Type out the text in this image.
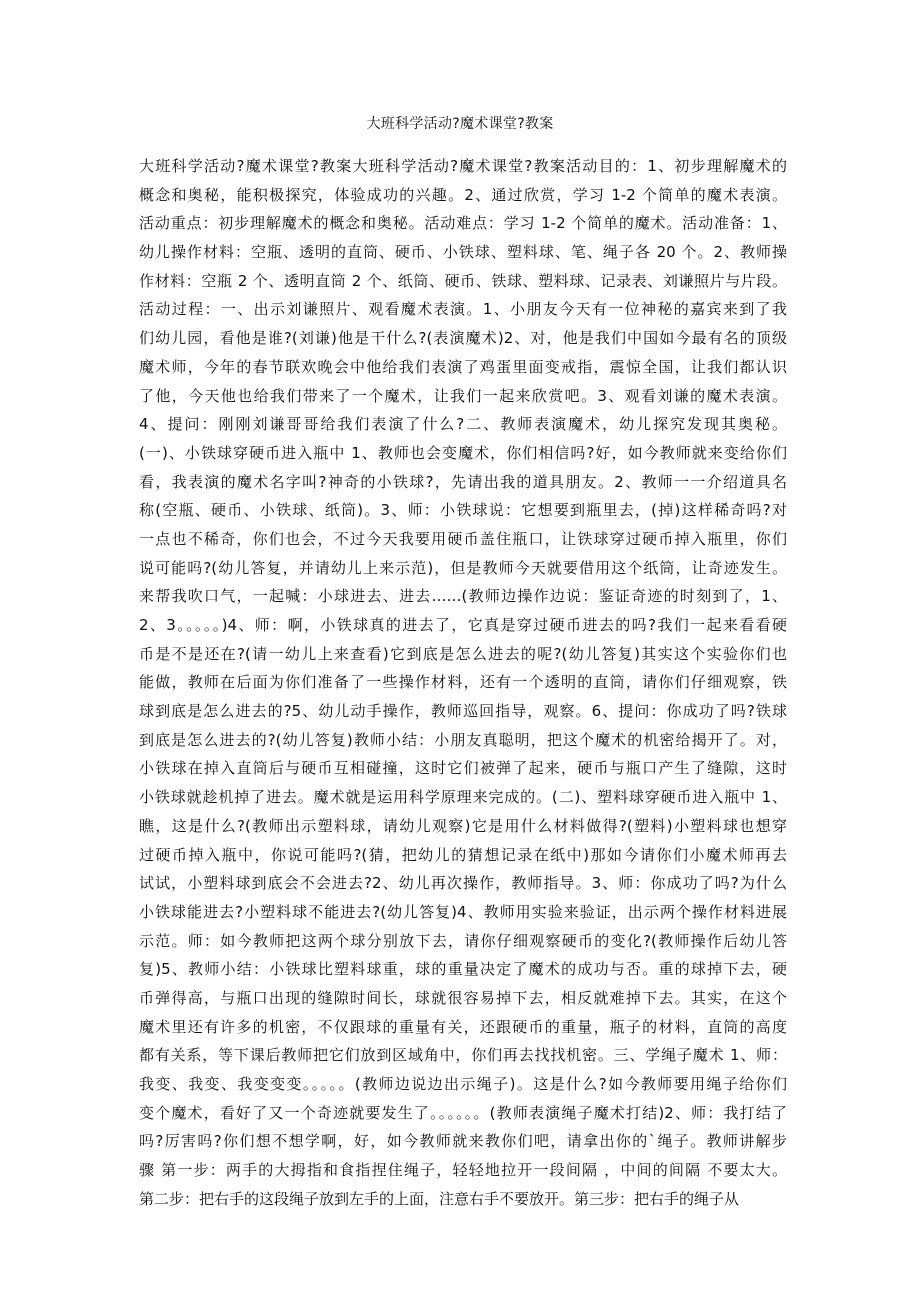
大班科学活动?魔术课堂?教案
大班科学活动?魔术课堂?教案大班科学活动?魔术课堂?教案活动目的：1、初步理解魔术的
概念和奥秘，能积极探究，体验成功的兴趣。2、通过欣赏，学习 1-2 个简单的魔术表演。
活动重点：初步理解魔术的概念和奥秘。活动难点：学习 1-2 个简单的魔术。活动准备：1、
幼儿操作材料：空瓶、透明的直筒、硬币、小铁球、塑料球、笔、绳子各 20 个。2、教师操
作材料：空瓶 2 个、透明直筒 2 个、纸筒、硬币、铁球、塑料球、记录表、刘谦照片与片段。
活动过程：一、出示刘谦照片、观看魔术表演。1、小朋友今天有一位神秘的嘉宾来到了我
们幼儿园，看他是谁?(刘谦)他是干什么?(表演魔术)2、对，他是我们中国如今最有名的顶级
魔术师，今年的春节联欢晚会中他给我们表演了鸡蛋里面变戒指，震惊全国，让我们都认识
了他，今天他也给我们带来了一个魔术，让我们一起来欣赏吧。3、观看刘谦的魔术表演。
4、提问：刚刚刘谦哥哥给我们表演了什么?二、教师表演魔术，幼儿探究发现其奥秘。
(一)、小铁球穿硬币进入瓶中 1、教师也会变魔术，你们相信吗?好，如今教师就来变给你们
看，我表演的魔术名字叫?神奇的小铁球?，先请出我的道具朋友。2、教师一一介绍道具名
称(空瓶、硬币、小铁球、纸筒)。3、师：小铁球说：它想要到瓶里去，(掉)这样稀奇吗?对
一点也不稀奇，你们也会，不过今天我要用硬币盖住瓶口，让铁球穿过硬币掉入瓶里，你们
说可能吗?(幼儿答复，并请幼儿上来示范)，但是教师今天就要借用这个纸筒，让奇迹发生。
来帮我吹口气，一起喊：小球进去、进去……(教师边操作边说：鉴证奇迹的时刻到了，1、
2、3。。。。。)4、师：啊，小铁球真的进去了，它真是穿过硬币进去的吗?我们一起来看看硬
币是不是还在?(请一幼儿上来查看)它到底是怎么进去的呢?(幼儿答复)其实这个实验你们也
能做，教师在后面为你们准备了一些操作材料，还有一个透明的直筒，请你们仔细观察，铁
球到底是怎么进去的?5、幼儿动手操作，教师巡回指导，观察。6、提问：你成功了吗?铁球
到底是怎么进去的?(幼儿答复)教师小结：小朋友真聪明，把这个魔术的机密给揭开了。对，
小铁球在掉入直筒后与硬币互相碰撞，这时它们被弹了起来，硬币与瓶口产生了缝隙，这时
小铁球就趁机掉了进去。魔术就是运用科学原理来完成的。(二)、塑料球穿硬币进入瓶中 1、
瞧，这是什么?(教师出示塑料球，请幼儿观察)它是用什么材料做得?(塑料)小塑料球也想穿
过硬币掉入瓶中，你说可能吗?(猜，把幼儿的猜想记录在纸中)那如今请你们小魔术师再去
试试，小塑料球到底会不会进去?2、幼儿再次操作，教师指导。3、师：你成功了吗?为什么
小铁球能进去?小塑料球不能进去?(幼儿答复)4、教师用实验来验证，出示两个操作材料进展
示范。师：如今教师把这两个球分别放下去，请你仔细观察硬币的变化?(教师操作后幼儿答
复)5、教师小结：小铁球比塑料球重，球的重量决定了魔术的成功与否。重的球掉下去，硬
币弹得高，与瓶口出现的缝隙时间长，球就很容易掉下去，相反就难掉下去。其实，在这个
魔术里还有许多的机密，不仅跟球的重量有关，还跟硬币的重量，瓶子的材料，直筒的高度
都有关系，等下课后教师把它们放到区域角中，你们再去找找机密。三、学绳子魔术 1、师：
我变、我变、我变变变。。。。。(教师边说边出示绳子)。这是什么?如今教师要用绳子给你们
变个魔术，看好了又一个奇迹就要发生了。。。。。。(教师表演绳子魔术打结)2、师：我打结了
吗?厉害吗?你们想不想学啊，好，如今教师就来教你们吧，请拿出你的`绳子。教师讲解步
骤 第一步：两手的大拇指和食指捏住绳子，轻轻地拉开一段间隔 ，中间的间隔 不要太大。
第二步：把右手的这段绳子放到左手的上面，注意右手不要放开。第三步：把右手的绳子从
